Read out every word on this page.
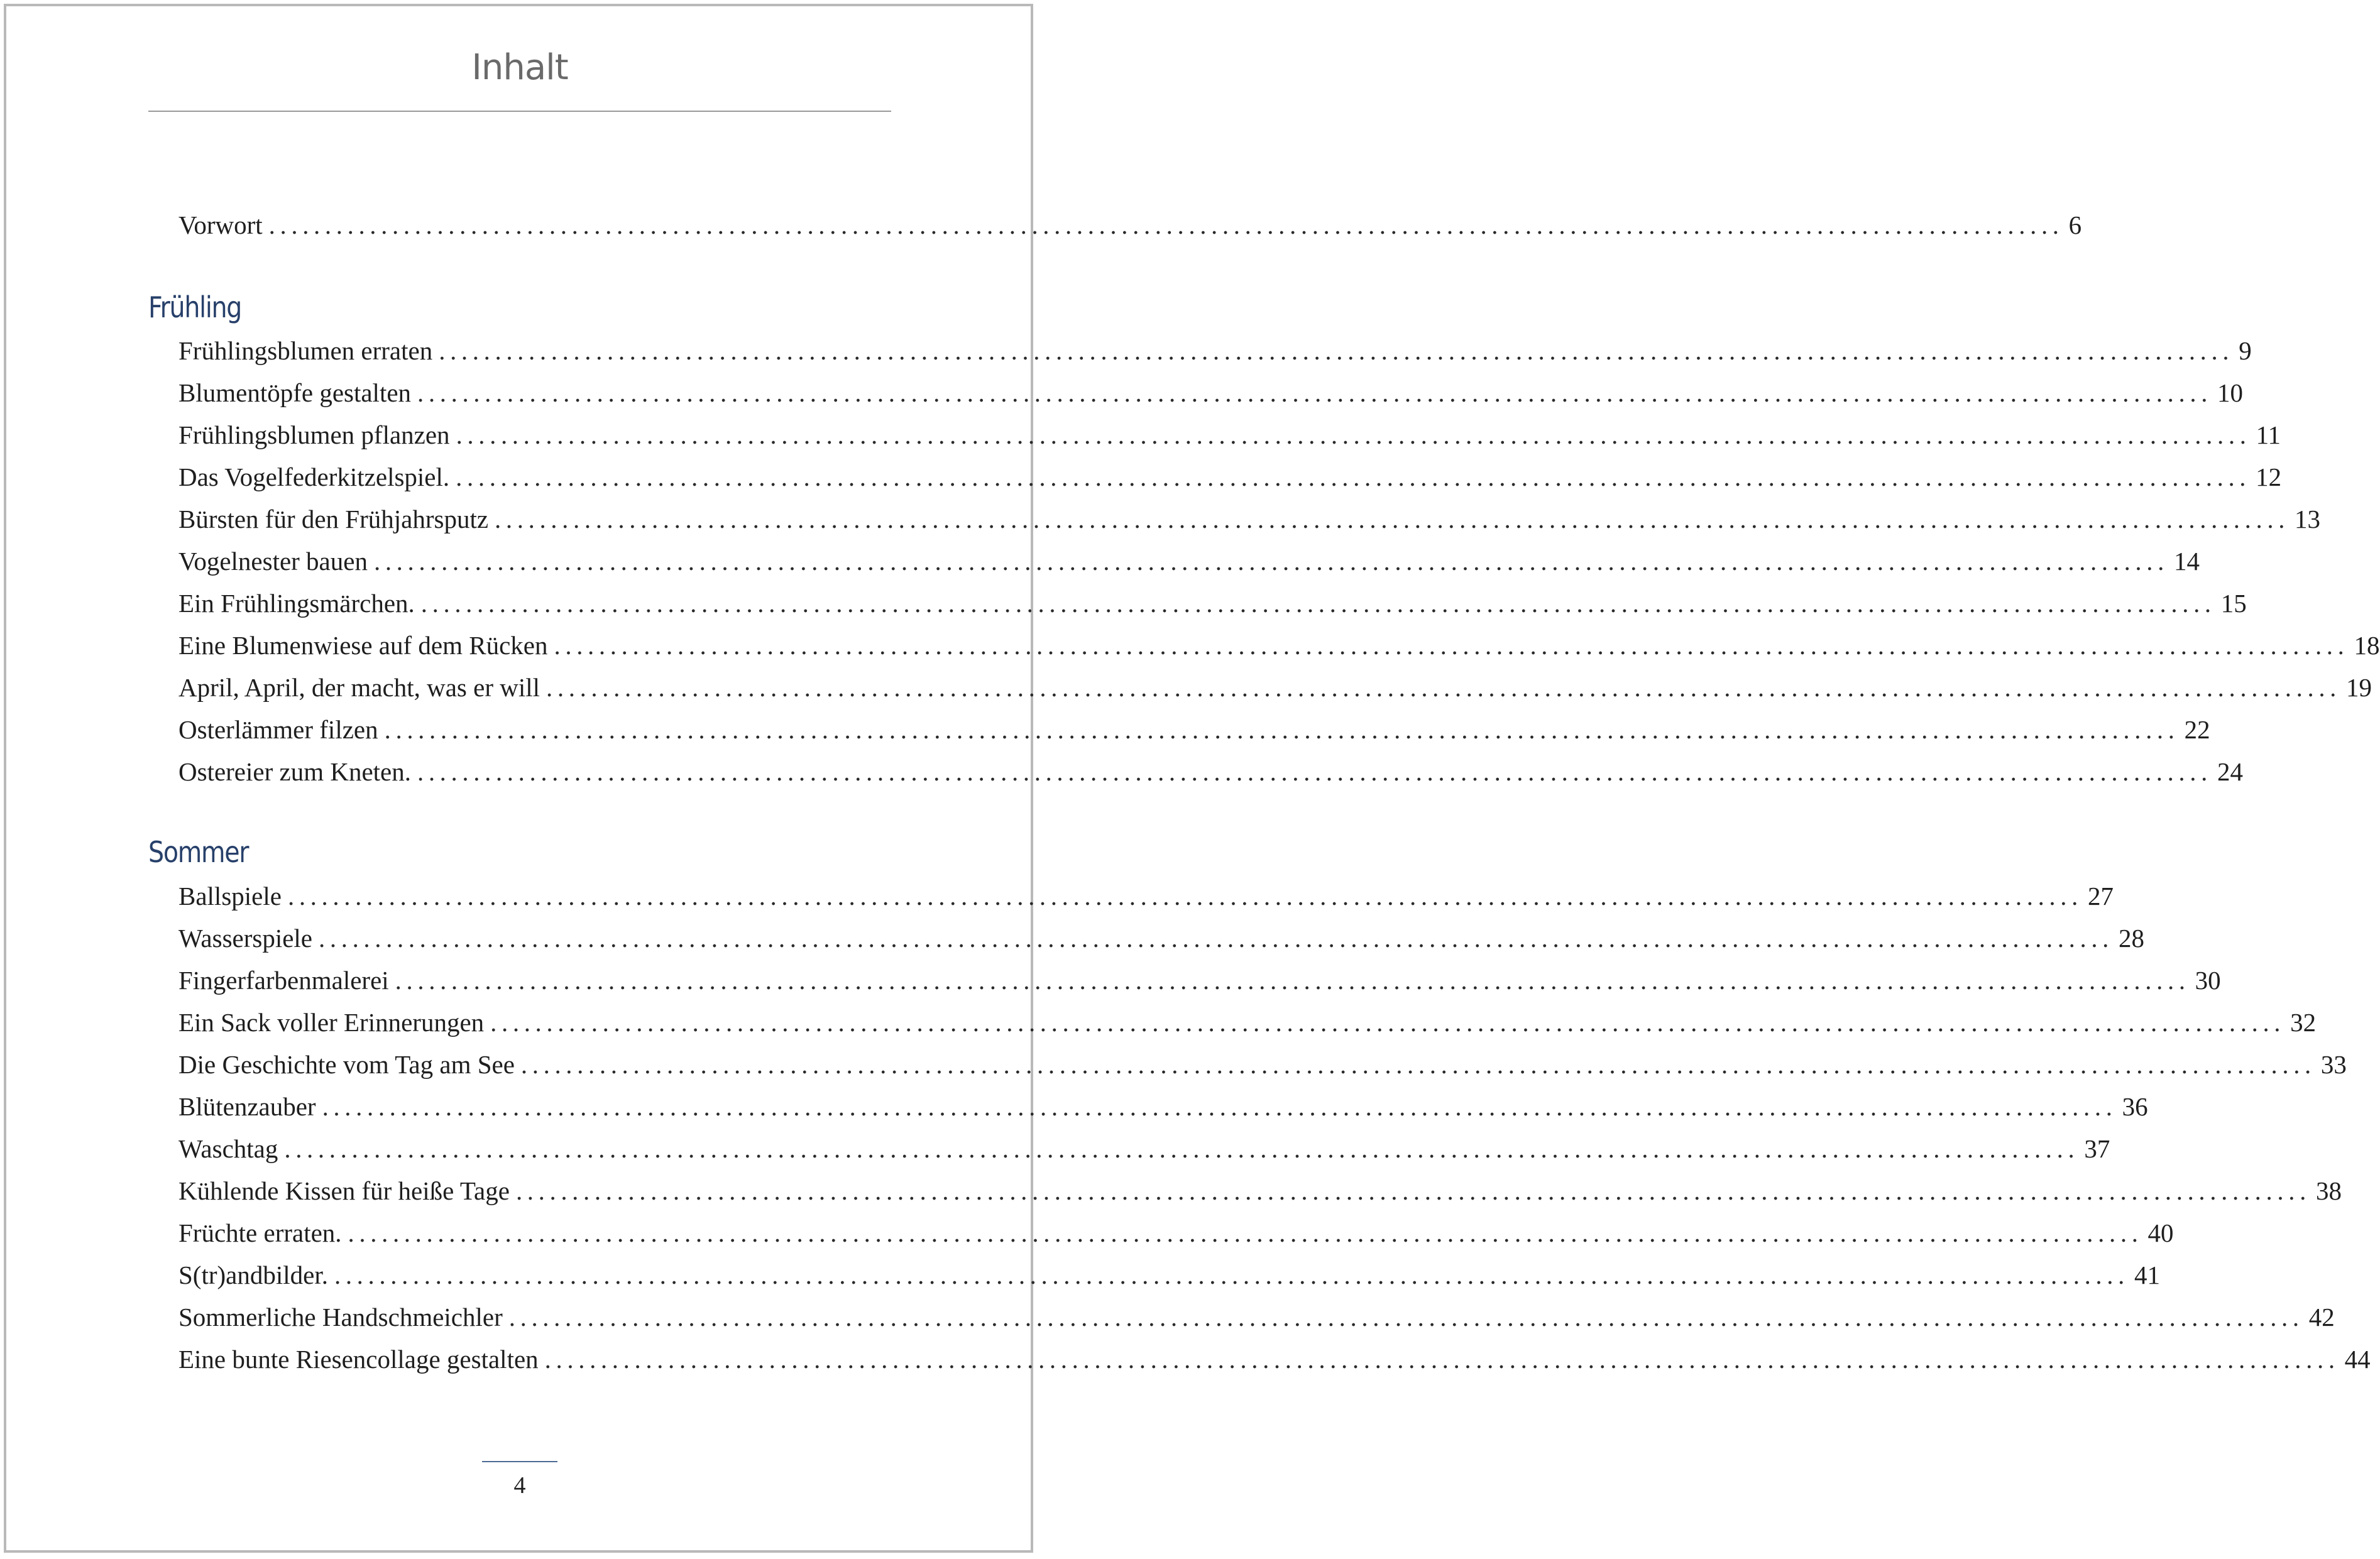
Inhalt
Vorwort ................................................................................................................................................................ 6
Frühling
Frühlingsblumen erraten ................................................................................................................................................................ 9
Blumentöpfe gestalten ................................................................................................................................................................ 10
Frühlingsblumen pflanzen ................................................................................................................................................................ 11
Das Vogelfederkitzelspiel. ................................................................................................................................................................ 12
Bürsten für den Frühjahrsputz ................................................................................................................................................................ 13
Vogelnester bauen ................................................................................................................................................................ 14
Ein Frühlingsmärchen. ................................................................................................................................................................ 15
Eine Blumenwiese auf dem Rücken ................................................................................................................................................................ 18
April, April, der macht, was er will ................................................................................................................................................................ 19
Osterlämmer filzen ................................................................................................................................................................ 22
Ostereier zum Kneten. ................................................................................................................................................................ 24
Sommer
Ballspiele ................................................................................................................................................................ 27
Wasserspiele ................................................................................................................................................................ 28
Fingerfarbenmalerei ................................................................................................................................................................ 30
Ein Sack voller Erinnerungen ................................................................................................................................................................ 32
Die Geschichte vom Tag am See ................................................................................................................................................................ 33
Blütenzauber ................................................................................................................................................................ 36
Waschtag ................................................................................................................................................................ 37
Kühlende Kissen für heiße Tage ................................................................................................................................................................ 38
Früchte erraten. ................................................................................................................................................................ 40
S(tr)andbilder. ................................................................................................................................................................ 41
Sommerliche Handschmeichler ................................................................................................................................................................ 42
Eine bunte Riesencollage gestalten ................................................................................................................................................................ 44
4
